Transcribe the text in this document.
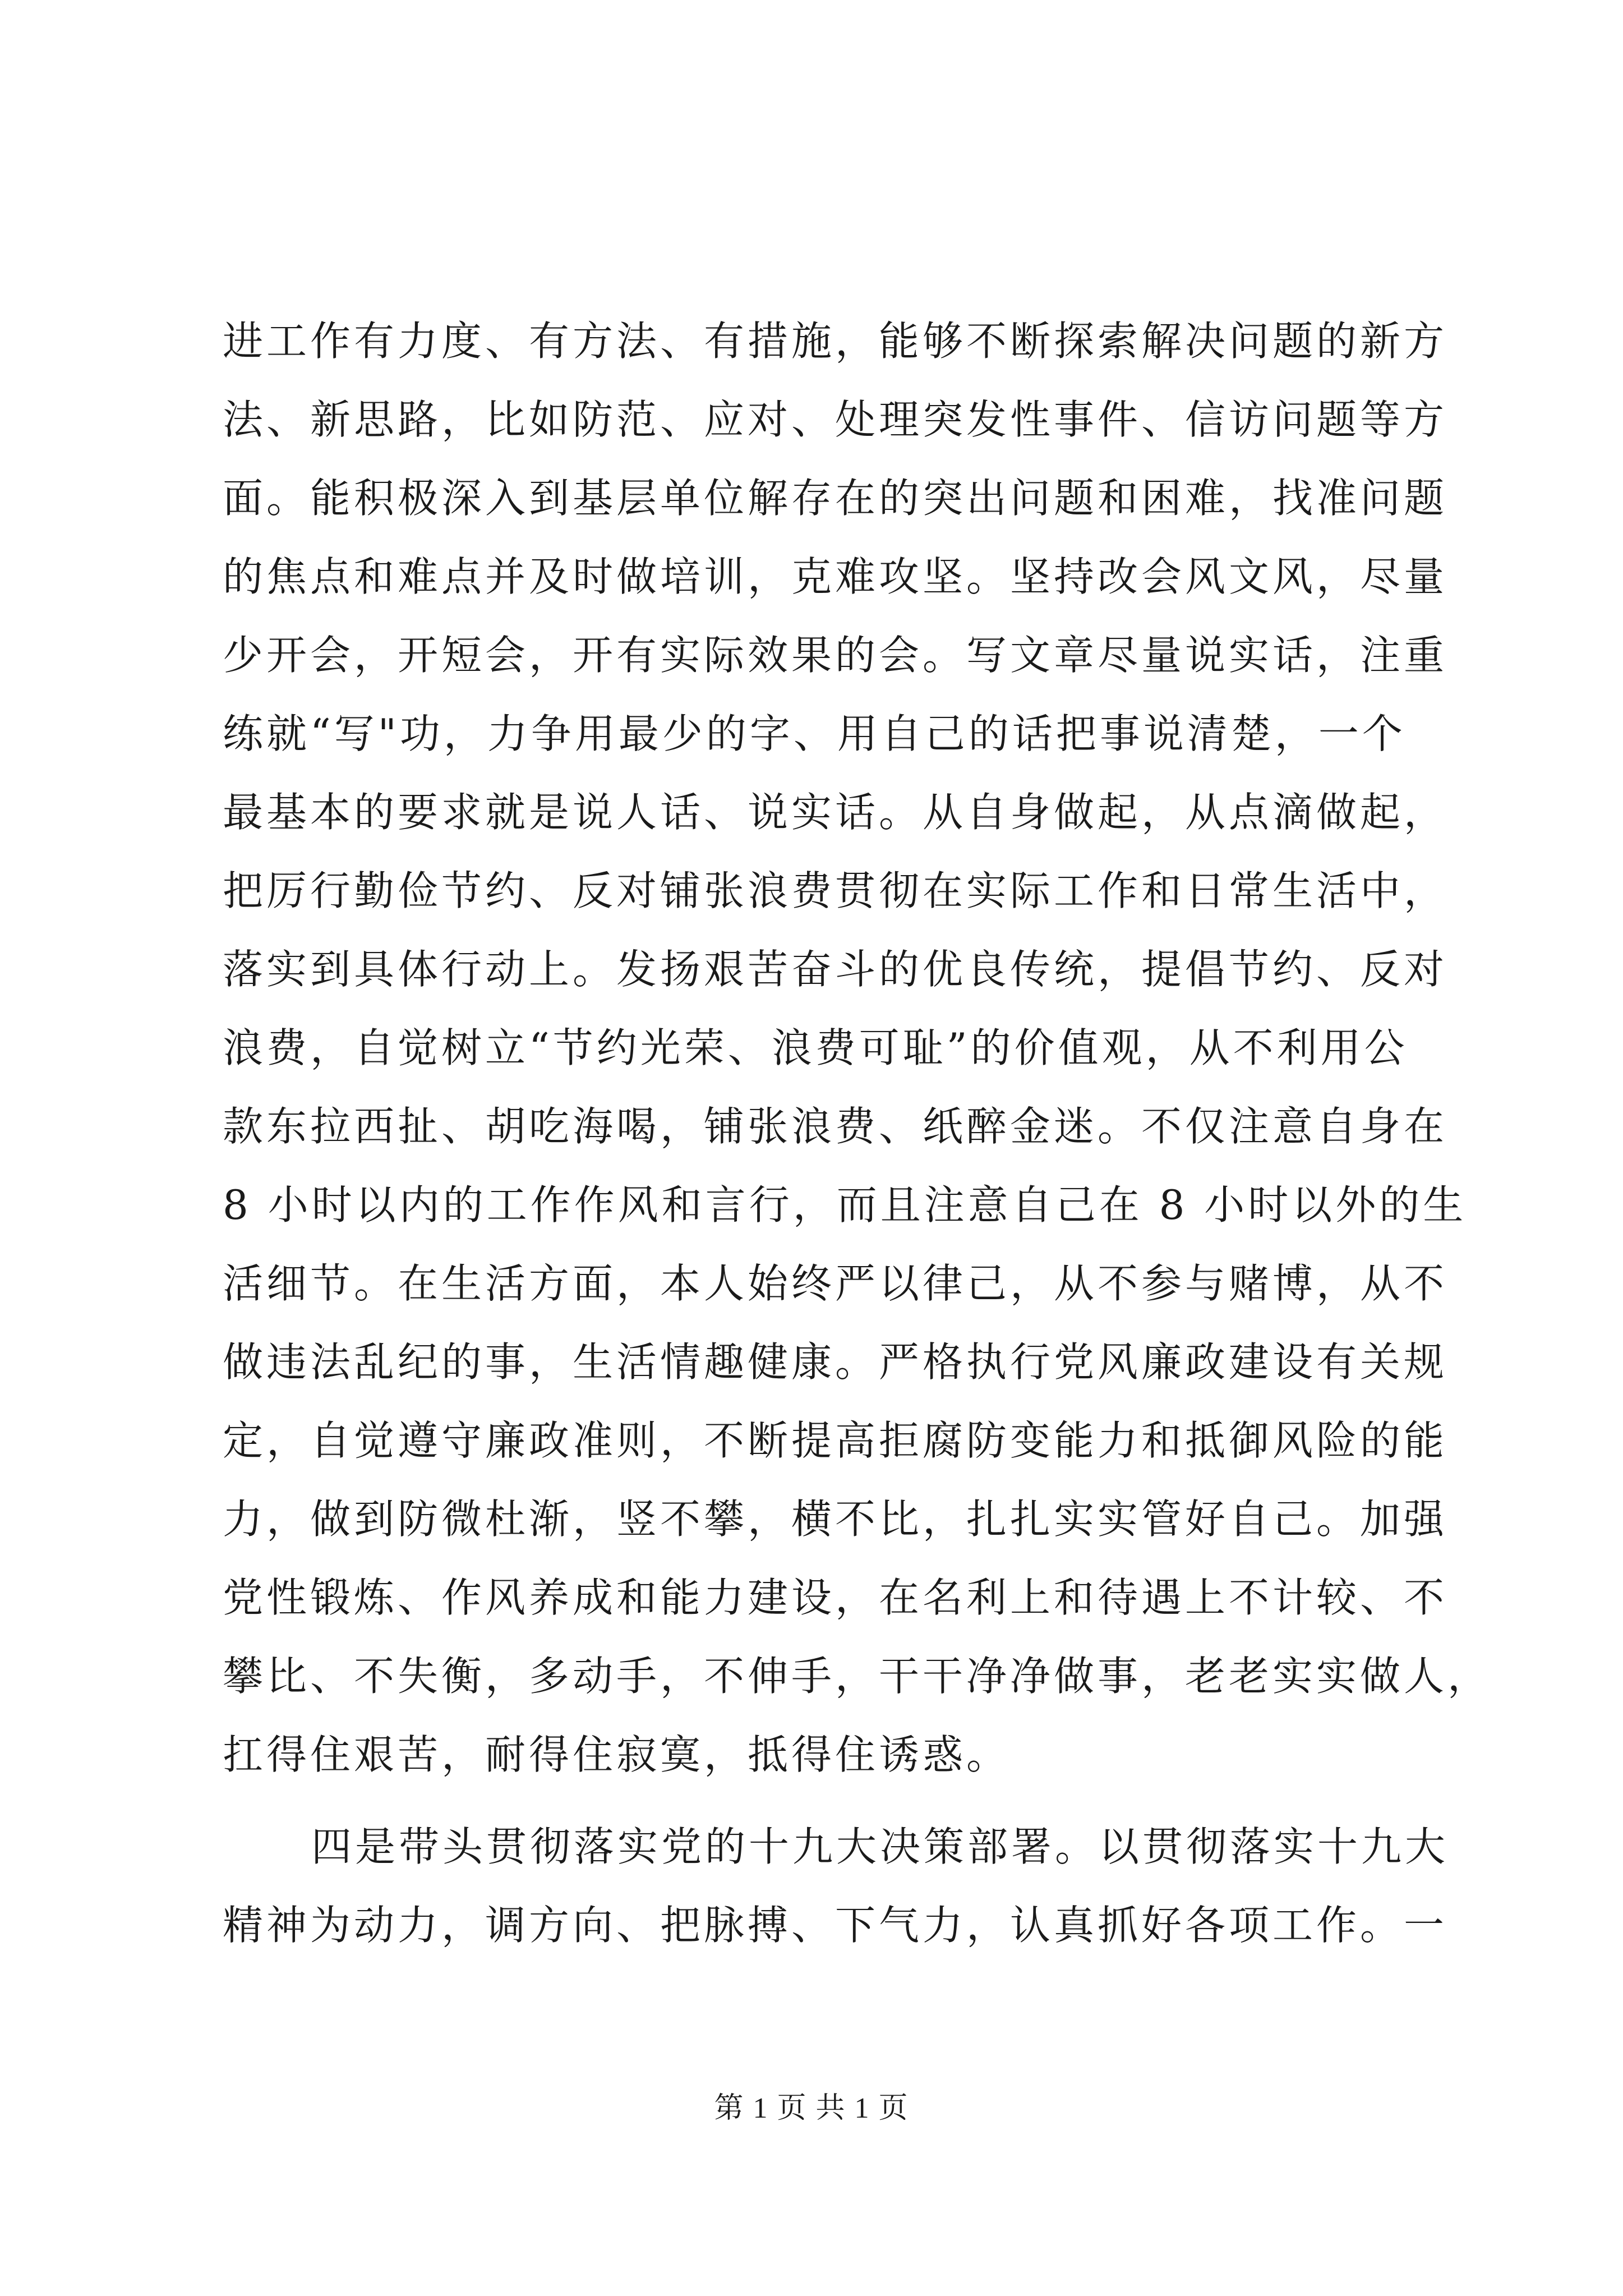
进工作有力度、有方法、有措施，能够不断探索解决问题的新方
法、新思路，比如防范、应对、处理突发性事件、信访问题等方
面。能积极深入到基层单位解存在的突出问题和困难，找准问题
的焦点和难点并及时做培训，克难攻坚。坚持改会风文风，尽量
少开会，开短会，开有实际效果的会。写文章尽量说实话，注重
练就“写"功，力争用最少的字、用自己的话把事说清楚，一个
最基本的要求就是说人话、说实话。从自身做起，从点滴做起，
把厉行勤俭节约、反对铺张浪费贯彻在实际工作和日常生活中，
落实到具体行动上。发扬艰苦奋斗的优良传统，提倡节约、反对
浪费，自觉树立“节约光荣、浪费可耻”的价值观，从不利用公
款东拉西扯、胡吃海喝，铺张浪费、纸醉金迷。不仅注意自身在
8 小时以内的工作作风和言行，而且注意自己在 8 小时以外的生
活细节。在生活方面，本人始终严以律己，从不参与赌博，从不
做违法乱纪的事，生活情趣健康。严格执行党风廉政建设有关规
定，自觉遵守廉政准则，不断提高拒腐防变能力和抵御风险的能
力，做到防微杜渐，竖不攀，横不比，扎扎实实管好自己。加强
党性锻炼、作风养成和能力建设，在名利上和待遇上不计较、不
攀比、不失衡，多动手，不伸手，干干净净做事，老老实实做人，
扛得住艰苦，耐得住寂寞，抵得住诱惑。
四是带头贯彻落实党的十九大决策部署。以贯彻落实十九大
精神为动力，调方向、把脉搏、下气力，认真抓好各项工作。一
第 1 页 共 1 页
